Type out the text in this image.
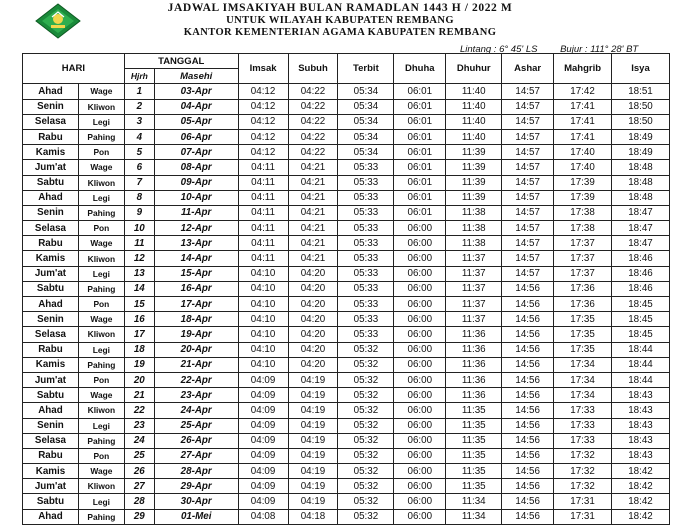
JADWAL IMSAKIYAH BULAN RAMADLAN 1443 H / 2022 M
UNTUK WILAYAH KABUPATEN REMBANG
KANTOR KEMENTERIAN AGAMA KABUPATEN REMBANG
Lintang : 6° 45' LS Bujur : 111° 28' BT
HARI		TANGGAL		Imsak	Subuh	Terbit	Dhuha	Dhuhur	Ashar	Mahgrib	Isya
		Hjrh	Masehi								
Ahad	Wage	1	03-Apr	04:12	04:22	05:34	06:01	11:40	14:57	17:42	18:51
Senin	Kliwon	2	04-Apr	04:12	04:22	05:34	06:01	11:40	14:57	17:41	18:50
Selasa	Legi	3	05-Apr	04:12	04:22	05:34	06:01	11:40	14:57	17:41	18:50
Rabu	Pahing	4	06-Apr	04:12	04:22	05:34	06:01	11:40	14:57	17:41	18:49
Kamis	Pon	5	07-Apr	04:12	04:22	05:34	06:01	11:39	14:57	17:40	18:49
Jum'at	Wage	6	08-Apr	04:11	04:21	05:33	06:01	11:39	14:57	17:40	18:48
Sabtu	Kliwon	7	09-Apr	04:11	04:21	05:33	06:01	11:39	14:57	17:39	18:48
Ahad	Legi	8	10-Apr	04:11	04:21	05:33	06:01	11:39	14:57	17:39	18:48
Senin	Pahing	9	11-Apr	04:11	04:21	05:33	06:01	11:38	14:57	17:38	18:47
Selasa	Pon	10	12-Apr	04:11	04:21	05:33	06:00	11:38	14:57	17:38	18:47
Rabu	Wage	11	13-Apr	04:11	04:21	05:33	06:00	11:38	14:57	17:37	18:47
Kamis	Kliwon	12	14-Apr	04:11	04:21	05:33	06:00	11:37	14:57	17:37	18:46
Jum'at	Legi	13	15-Apr	04:10	04:20	05:33	06:00	11:37	14:57	17:37	18:46
Sabtu	Pahing	14	16-Apr	04:10	04:20	05:33	06:00	11:37	14:56	17:36	18:46
Ahad	Pon	15	17-Apr	04:10	04:20	05:33	06:00	11:37	14:56	17:36	18:45
Senin	Wage	16	18-Apr	04:10	04:20	05:33	06:00	11:37	14:56	17:35	18:45
Selasa	Kliwon	17	19-Apr	04:10	04:20	05:33	06:00	11:36	14:56	17:35	18:45
Rabu	Legi	18	20-Apr	04:10	04:20	05:32	06:00	11:36	14:56	17:35	18:44
Kamis	Pahing	19	21-Apr	04:10	04:20	05:32	06:00	11:36	14:56	17:34	18:44
Jum'at	Pon	20	22-Apr	04:09	04:19	05:32	06:00	11:36	14:56	17:34	18:44
Sabtu	Wage	21	23-Apr	04:09	04:19	05:32	06:00	11:36	14:56	17:34	18:43
Ahad	Kliwon	22	24-Apr	04:09	04:19	05:32	06:00	11:35	14:56	17:33	18:43
Senin	Legi	23	25-Apr	04:09	04:19	05:32	06:00	11:35	14:56	17:33	18:43
Selasa	Pahing	24	26-Apr	04:09	04:19	05:32	06:00	11:35	14:56	17:33	18:43
Rabu	Pon	25	27-Apr	04:09	04:19	05:32	06:00	11:35	14:56	17:32	18:43
Kamis	Wage	26	28-Apr	04:09	04:19	05:32	06:00	11:35	14:56	17:32	18:42
Jum'at	Kliwon	27	29-Apr	04:09	04:19	05:32	06:00	11:35	14:56	17:32	18:42
Sabtu	Legi	28	30-Apr	04:09	04:19	05:32	06:00	11:34	14:56	17:31	18:42
Ahad	Pahing	29	01-Mei	04:08	04:18	05:32	06:00	11:34	14:56	17:31	18:42
